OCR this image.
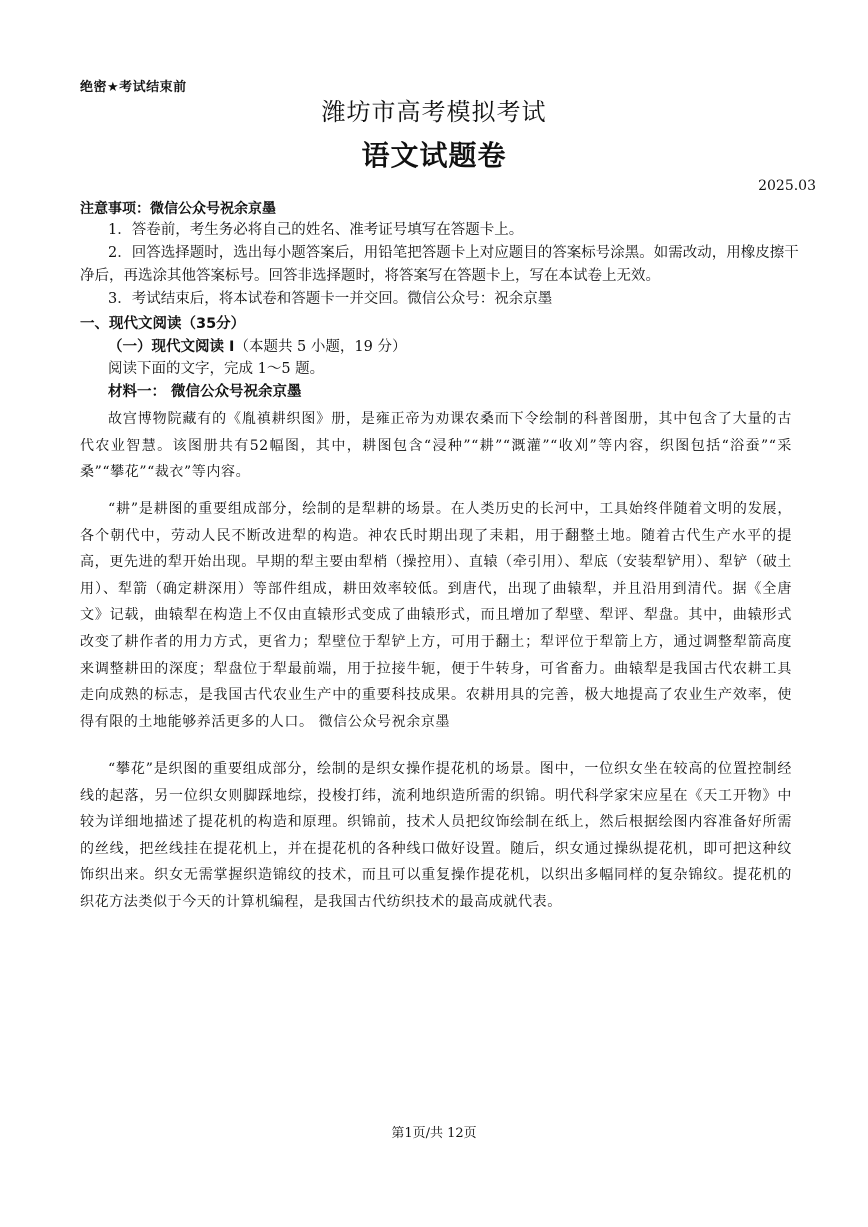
绝密★考试结束前
潍坊市高考模拟考试
语文试题卷
2025.03
注意事项：微信公众号祝余京墨
1．答卷前，考生务必将自己的姓名、准考证号填写在答题卡上。
2．回答选择题时，选出每小题答案后，用铅笔把答题卡上对应题目的答案标号涂黑。如需改动，用橡皮擦干净后，再选涂其他答案标号。回答非选择题时，将答案写在答题卡上，写在本试卷上无效。
3．考试结束后，将本试卷和答题卡一并交回。微信公众号：祝余京墨
一、现代文阅读（35分）
（一）现代文阅读 I（本题共 5 小题，19 分）
阅读下面的文字，完成 1～5 题。
材料一： 微信公众号祝余京墨
故宫博物院藏有的《胤禛耕织图》册，是雍正帝为劝课农桑而下令绘制的科普图册，其中包含了大量的古代农业智慧。该图册共有52幅图，其中，耕图包含“浸种”“耕”“溉灌”“收刈”等内容，织图包括“浴蚕”“采桑”“攀花”“裁衣”等内容。
“耕”是耕图的重要组成部分，绘制的是犁耕的场景。在人类历史的长河中，工具始终伴随着文明的发展，各个朝代中，劳动人民不断改进犁的构造。神农氏时期出现了耒耜，用于翻整土地。随着古代生产水平的提高，更先进的犁开始出现。早期的犁主要由犁梢（操控用）、直辕（牵引用）、犁底（安装犁铲用）、犁铲（破土用）、犁箭（确定耕深用）等部件组成，耕田效率较低。到唐代，出现了曲辕犁，并且沿用到清代。据《全唐文》记载，曲辕犁在构造上不仅由直辕形式变成了曲辕形式，而且增加了犁壁、犁评、犁盘。其中，曲辕形式改变了耕作者的用力方式，更省力；犁壁位于犁铲上方，可用于翻土；犁评位于犁箭上方，通过调整犁箭高度来调整耕田的深度；犁盘位于犁最前端，用于拉接牛轭，便于牛转身，可省畜力。曲辕犁是我国古代农耕工具走向成熟的标志，是我国古代农业生产中的重要科技成果。农耕用具的完善，极大地提高了农业生产效率，使得有限的土地能够养活更多的人口。 微信公众号祝余京墨
“攀花”是织图的重要组成部分，绘制的是织女操作提花机的场景。图中，一位织女坐在较高的位置控制经线的起落，另一位织女则脚踩地综，投梭打纬，流利地织造所需的织锦。明代科学家宋应星在《天工开物》中较为详细地描述了提花机的构造和原理。织锦前，技术人员把纹饰绘制在纸上，然后根据绘图内容准备好所需的丝线，把丝线挂在提花机上，并在提花机的各种线口做好设置。随后，织女通过操纵提花机，即可把这种纹饰织出来。织女无需掌握织造锦纹的技术，而且可以重复操作提花机，以织出多幅同样的复杂锦纹。提花机的织花方法类似于今天的计算机编程，是我国古代纺织技术的最高成就代表。
第1页/共 12页
